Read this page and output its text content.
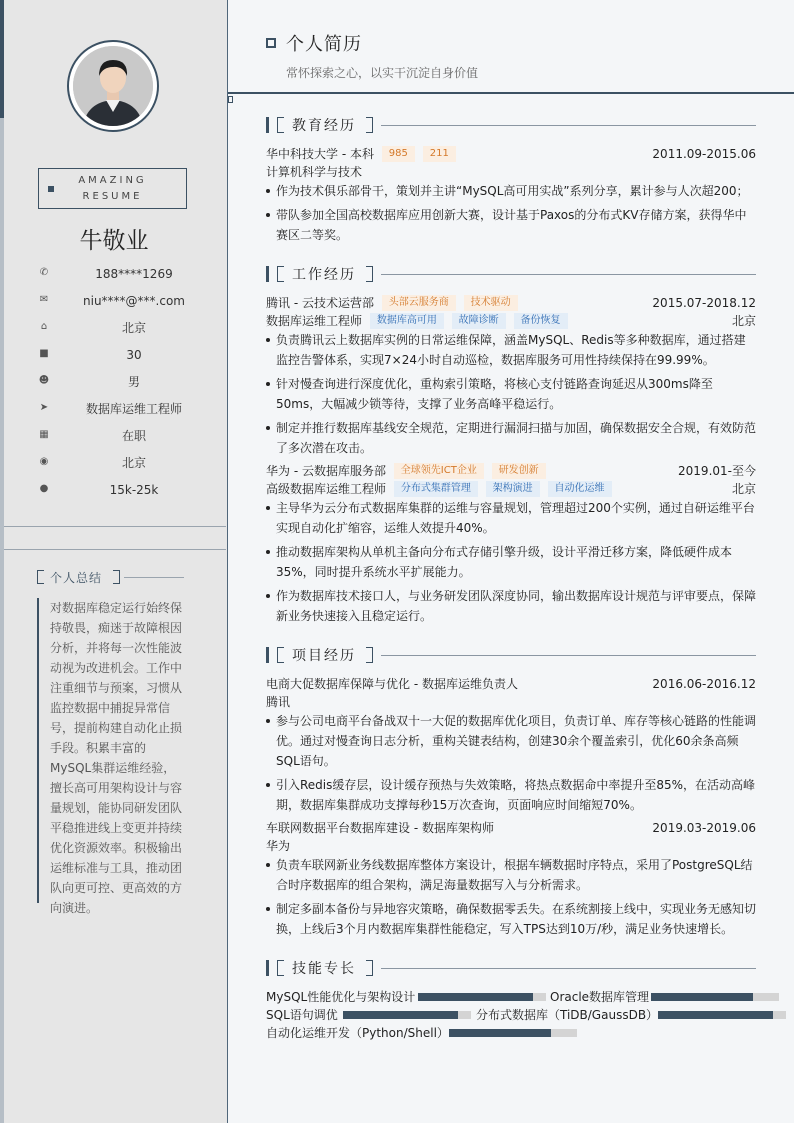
AMAZING RESUME
牛敬业
✆	188****1269
✉	niu****@***.com
⌂	北京
■	30
☻	男
➤	数据库运维工程师
▦	在职
◉	北京
●	15k-25k
个人总结
对数据库稳定运行始终保持敬畏，痴迷于故障根因分析，并将每一次性能波动视为改进机会。工作中注重细节与预案，习惯从监控数据中捕捉异常信号，提前构建自动化止损手段。积累丰富的MySQL集群运维经验，擅长高可用架构设计与容量规划，能协同研发团队平稳推进线上变更并持续优化资源效率。积极输出运维标准与工具，推动团队向更可控、更高效的方向演进。
个人简历
常怀探索之心，以实干沉淀自身价值
教育经历
华中科技大学 - 本科 985 211	2011.09-2015.06
计算机科学与技术
作为技术俱乐部骨干，策划并主讲“MySQL高可用实战”系列分享，累计参与人次超200；
带队参加全国高校数据库应用创新大赛，设计基于Paxos的分布式KV存储方案，获得华中赛区二等奖。
工作经历
腾讯 - 云技术运营部 头部云服务商 技术驱动	2015.07-2018.12
数据库运维工程师 数据库高可用 故障诊断 备份恢复	北京
负责腾讯云上数据库实例的日常运维保障，涵盖MySQL、Redis等多种数据库，通过搭建监控告警体系，实现7×24小时自动巡检，数据库服务可用性持续保持在99.99%。
针对慢查询进行深度优化，重构索引策略，将核心支付链路查询延迟从300ms降至50ms，大幅减少锁等待，支撑了业务高峰平稳运行。
制定并推行数据库基线安全规范，定期进行漏洞扫描与加固，确保数据安全合规，有效防范了多次潜在攻击。
华为 - 云数据库服务部 全球领先ICT企业 研发创新	2019.01-至今
高级数据库运维工程师 分布式集群管理 架构演进 自动化运维	北京
主导华为云分布式数据库集群的运维与容量规划，管理超过200个实例，通过自研运维平台实现自动化扩缩容，运维人效提升40%。
推动数据库架构从单机主备向分布式存储引擎升级，设计平滑迁移方案，降低硬件成本35%，同时提升系统水平扩展能力。
作为数据库技术接口人，与业务研发团队深度协同，输出数据库设计规范与评审要点，保障新业务快速接入且稳定运行。
项目经历
电商大促数据库保障与优化 - 数据库运维负责人	2016.06-2016.12
腾讯
参与公司电商平台备战双十一大促的数据库优化项目，负责订单、库存等核心链路的性能调优。通过对慢查询日志分析，重构关键表结构，创建30余个覆盖索引，优化60余条高频SQL语句。
引入Redis缓存层，设计缓存预热与失效策略，将热点数据命中率提升至85%，在活动高峰期，数据库集群成功支撑每秒15万次查询，页面响应时间缩短70%。
车联网数据平台数据库建设 - 数据库架构师	2019.03-2019.06
华为
负责车联网新业务线数据库整体方案设计，根据车辆数据时序特点，采用了PostgreSQL结合时序数据库的组合架构，满足海量数据写入与分析需求。
制定多副本备份与异地容灾策略，确保数据零丢失。在系统割接上线中，实现业务无感知切换，上线后3个月内数据库集群性能稳定，写入TPS达到10万/秒，满足业务快速增长。
技能专长
MySQL性能优化与架构设计	Oracle数据库管理
SQL语句调优	分布式数据库（TiDB/GaussDB）
自动化运维开发（Python/Shell）
